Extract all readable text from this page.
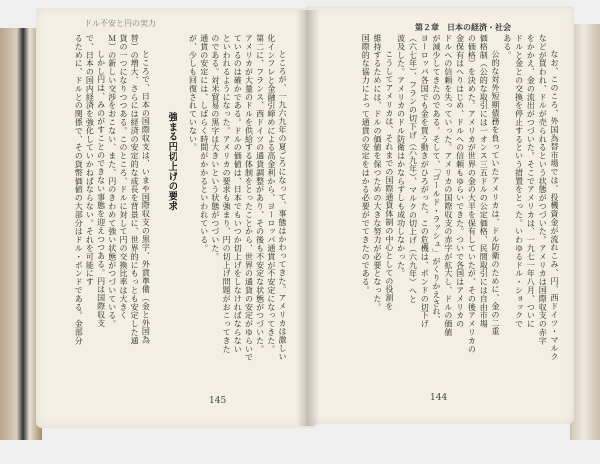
ドル不安と円の実力	第２章　日本の経済・社会
ところが、一九六九年の夏ごろになって、事態はかわってきた。アメリカは激しい
化インフレと金融引締めによる高金利から、ヨーロッパ通貨が不安定になってきた。
第二に、フランス、西ドイツの通貨調整があり、その後も不安定な状態がつづいた。
アメリカが大量のドルを供給する体制をとったことから、世界の通貨の安定がゆらいで
ているのは確かである。ドルの価値は、日本でもいつか切上げをしなければならない
といわれるようになった。アメリカの要求も強まり、円の切上げ問題がおこってきた
のである。対米貿易の黒字は大きいという状態がつづいた。
通貨の安定には、しばらく時間がかかるといわれている。
が、少しも回復されていない。
強まる円切上げの要求
ところで、日本の国際収支は、いまや国際収支の黒字、外貨準備（金と外国為
替）の増大、さらには経済の安定的な成長を背景に、世界的にもっとも安定した通
貨の一つになりつつある。このところ、ドルに対して円の交換比率は大きく
Ｍ）の新しい交渉をおこない、また、円のきわめて強い状態がつづいている。
しかし円は、みのがすことのできない事態を迎えつつある。円は国際収支
で、日本の国内経済を強化していかねばならない。それを可能にす
るために、ドルとの関係で、その貨幣価値の大部分はドル・ポンドである。金部分	なお、このころ、外国為替市場では、投機資金が流れこみ、円、西ドイツ・マルク
などが買われ、ドルが売られるという状態がつづいた。アメリカは国際収支の赤字
をかかえ、金の流出がつづいた。そこでアメリカは、一九七一年八月、ついに
ドルと金との交換を停止するという措置をとった。いわゆるドル・ショックで
ある。
公的な対外短期債務を負っていたアメリカは、ドル防衛のために、金の二重
価格制（公的な取引には一オンス三五ドルの公定価格、民間取引には自由市場
の価格）を決めた。アメリカが世界の金の大半を保有していたが、その後アメリカの
金保有はへりはじめ、ドルへの信頼もゆらいできた。ついで各国はアメリカの
ドルへの信頼を失っていった。アメリカの国際収支の赤字が拡大し、ドルの価値
が減少してきたのである。そして、「ゴールド・ラッシュ」がくりかえされ、
ヨーロッパ各国でも金を買う動きがひろがった。この危機は、ポンドの切下げ
（六七年）、フランの切下げ（六九年）、マルクの切上げ（六九年）へと
波及した。アメリカのドル防衛はかならずしも成功しなかった。
こうしてアメリカは、それまでの国際通貨体制の中心としての役割を
維持するためには、ドルの価値を保つための大きな努力が必要となった。
国際的な協力によって通貨の安定をはかる必要がでてきたのである。
145	144
